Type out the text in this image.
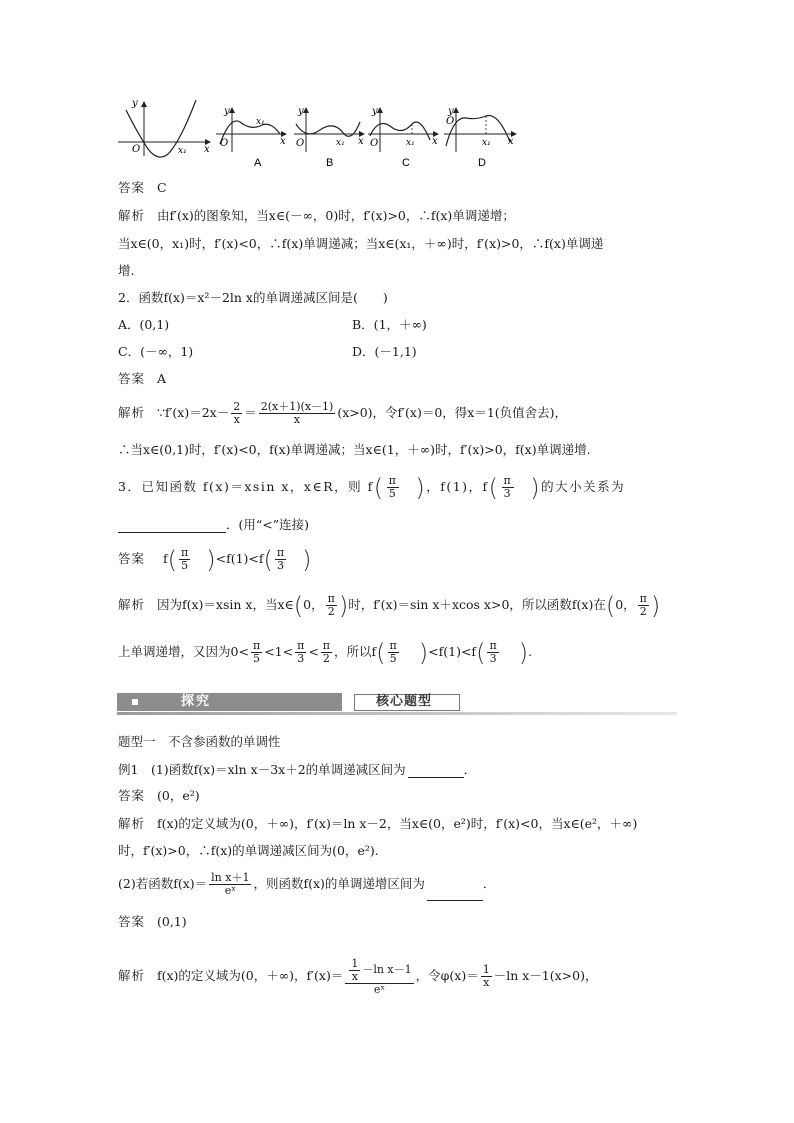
y
O	x₁ x
y
O
x₁
x
A
y
O	x₁ x
B
y
O	x₁ x
C
y
O
x₁ x
D
答案 C
解析 由f′(x)的图象知，当x∈(－∞，0)时，f′(x)>0，∴f(x)单调递增；
当x∈(0，x₁)时，f′(x)<0，∴f(x)单调递减；当x∈(x₁，＋∞)时，f′(x)>0，∴f(x)单调递
增.
2．函数f(x)＝x²－2ln x的单调递减区间是(　　)
A．(0,1)	B．(1，＋∞)
C．(－∞，1)	D．(－1,1)
答案 A
解析 ∵f′(x)＝2x－ $\frac{2}{x} = \frac{2(x+1)(x-1)}{x} (x>0)$，令f′(x)＝0，得x＝1(负值舍去)，
∴当x∈(0,1)时，f′(x)<0，f(x)单调递减；当x∈(1，＋∞)时，f′(x)>0，f(x)单调递增.
3．已知函数 f(x)＝xsin x，x∈R，则 $f( \frac{\pi}{5}$ )，f(1)，$f( \frac{\pi}{3}$ )的大小关系为
．(用“<”连接)
答案 $f( \frac{\pi}{5} )<f(1)<f( \frac{\pi}{3}$ )
解析 因为f(x)＝xsin x，当x∈(0， $\frac{\pi}{2}$ )时，f′(x)＝sin x＋xcos x>0，所以函数f(x)在(0， $\frac{\pi}{2}$ )
上单调递增，又因为$0< \frac{\pi}{5} <1< \frac{\pi}{3} < \frac{\pi}{2}$ ，所以$f( \frac{\pi}{5} )<f(1)<f( \frac{\pi}{3}$ ).
探究	核心题型
题型一　不含参函数的单调性
例1　(1)函数f(x)＝xln x－3x＋2的单调递减区间为	．
答案 (0，e²)
解析 f(x)的定义域为(0，＋∞)，f′(x)＝ln x－2，当x∈(0，e²)时，f′(x)<0，当x∈(e²，＋∞)
时，f′(x)>0，∴f(x)的单调递减区间为(0，e²).
(2)若函数$f(x)= \frac{\text{ln x＋1}}{\text{eˣ}}$ ，则函数f(x)的单调递增区间为	．
答案 (0,1)
解析 f(x)的定义域为(0，＋∞)，$f'(x)= \frac{\frac{1}{x} -\ln x-1}{\text{eˣ}}$ ，令$\varphi(x)= \frac{1}{x} -\ln$ x－1(x>0)，
